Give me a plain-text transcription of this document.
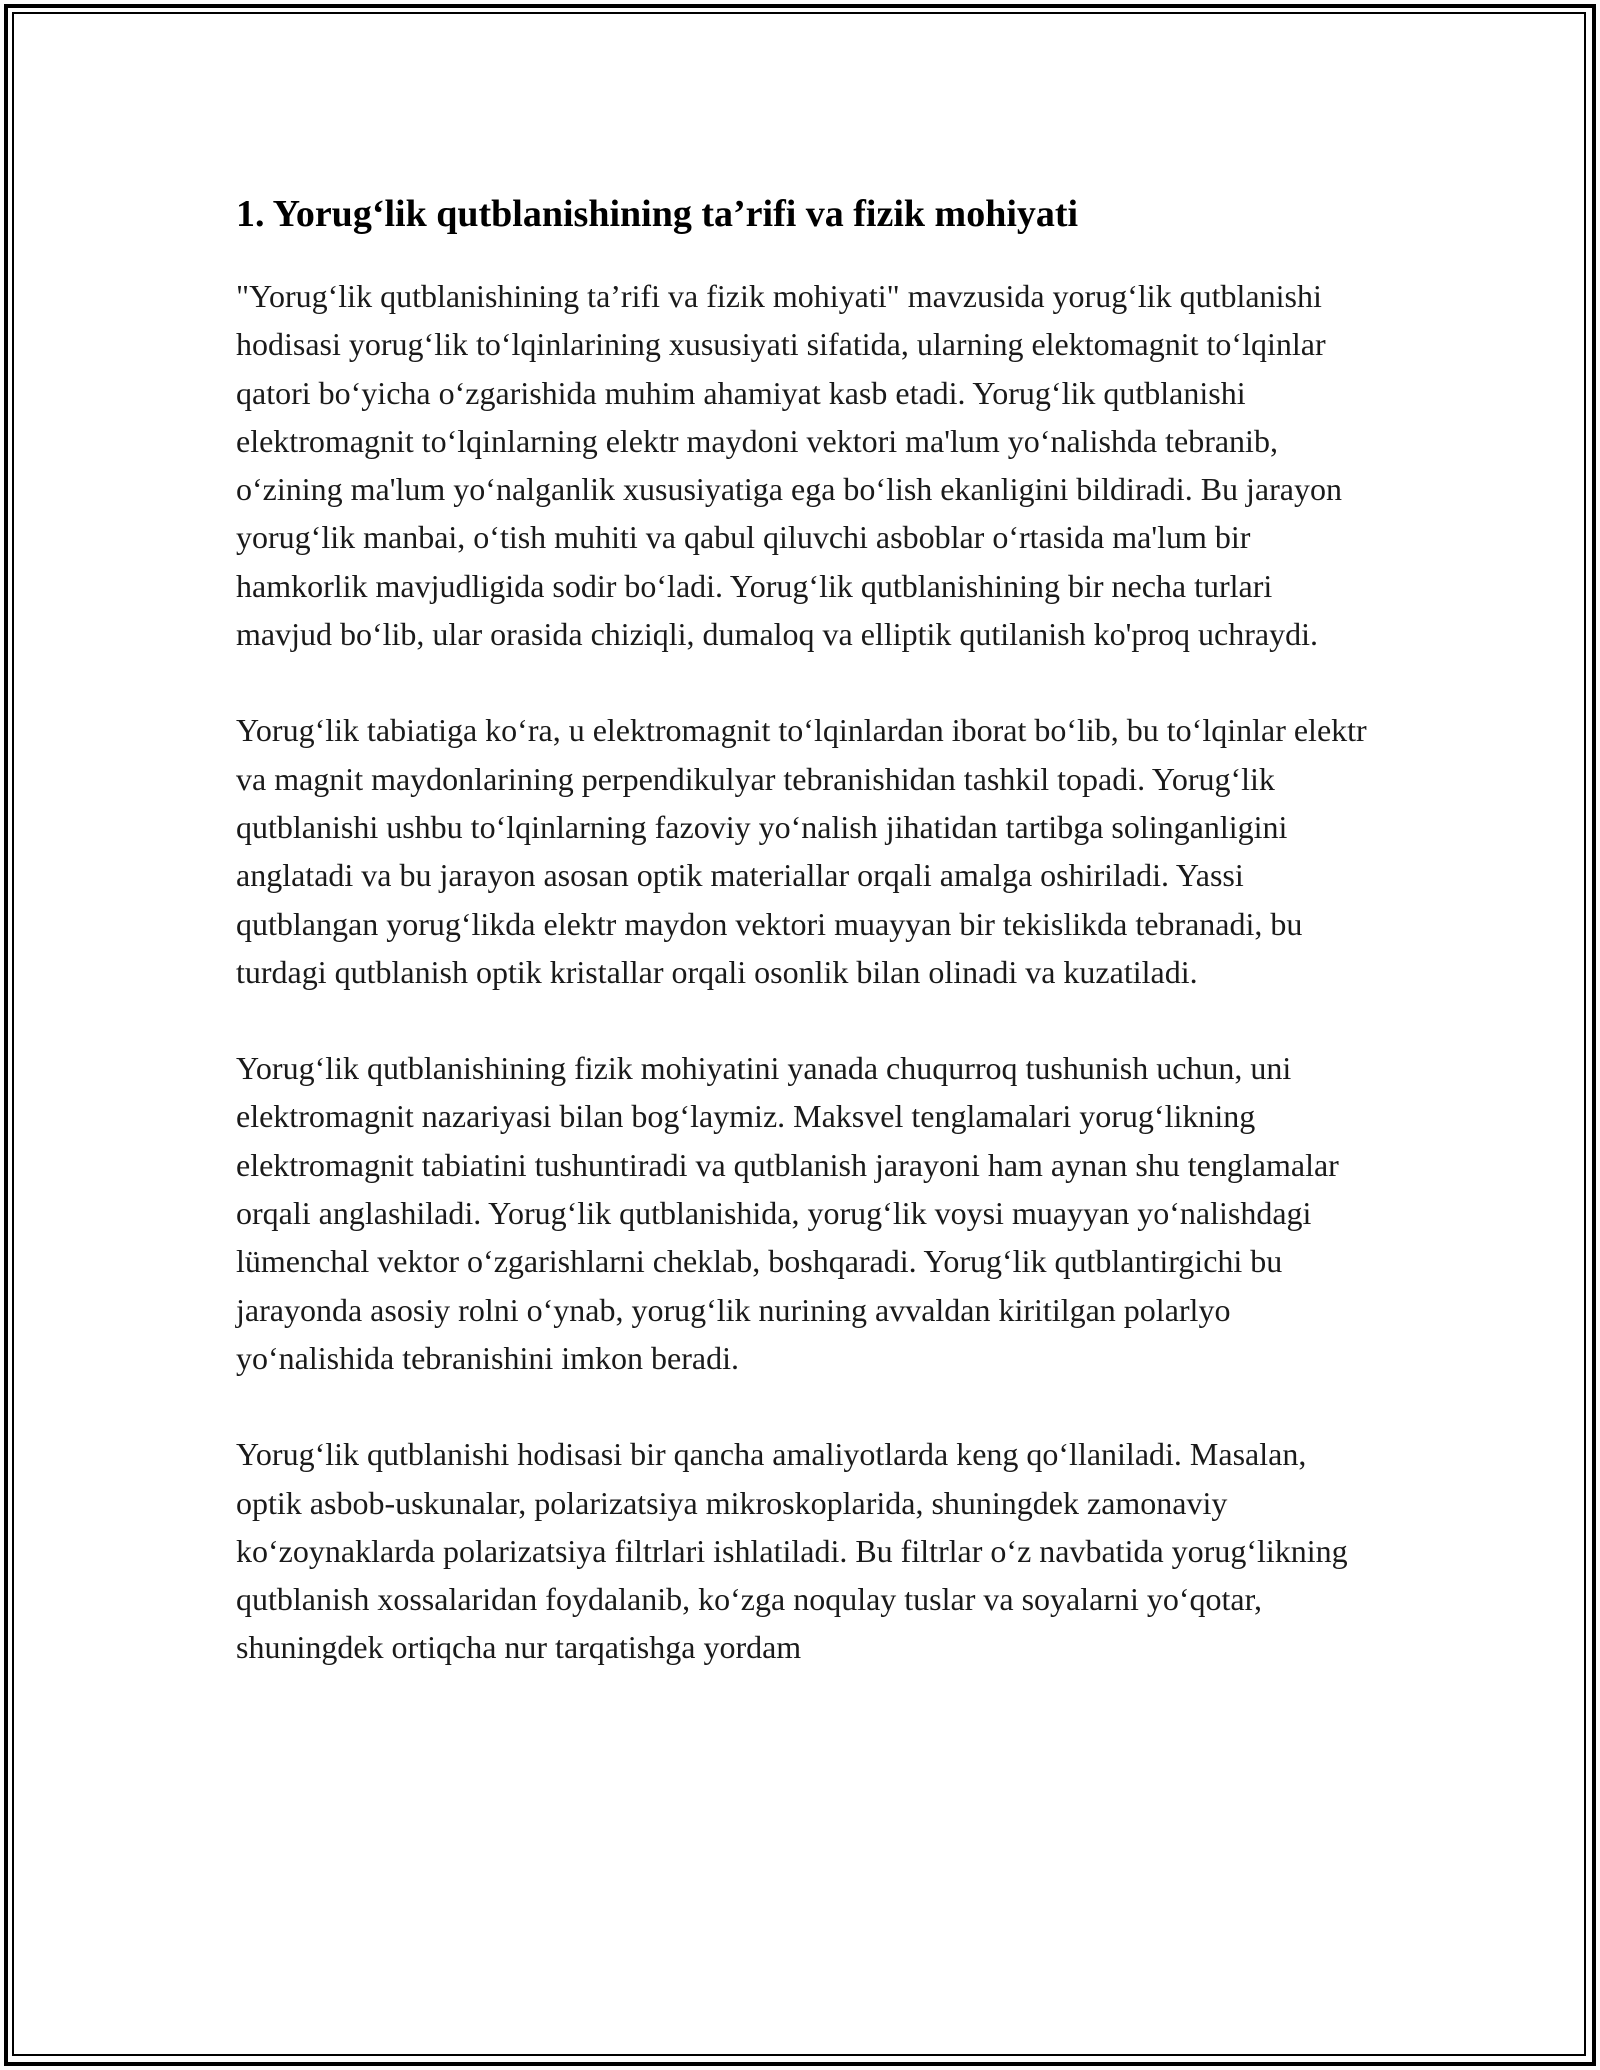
1. Yorug‘lik qutblanishining ta’rifi va fizik mohiyati

"Yorug‘lik qutblanishining ta’rifi va fizik mohiyati" mavzusida yorug‘lik qutblanishi hodisasi yorug‘lik to‘lqinlarining xususiyati sifatida, ularning elektomagnit to‘lqinlar qatori bo‘yicha o‘zgarishida muhim ahamiyat kasb etadi. Yorug‘lik qutblanishi elektromagnit to‘lqinlarning elektr maydoni vektori ma'lum yo‘nalishda tebranib, o‘zining ma'lum yo‘nalganlik xususiyatiga ega bo‘lish ekanligini bildiradi. Bu jarayon yorug‘lik manbai, o‘tish muhiti va qabul qiluvchi asboblar o‘rtasida ma'lum bir hamkorlik mavjudligida sodir bo‘ladi. Yorug‘lik qutblanishining bir necha turlari mavjud bo‘lib, ular orasida chiziqli, dumaloq va elliptik qutilanish ko'proq uchraydi.

Yorug‘lik tabiatiga ko‘ra, u elektromagnit to‘lqinlardan iborat bo‘lib, bu to‘lqinlar elektr va magnit maydonlarining perpendikulyar tebranishidan tashkil topadi. Yorug‘lik qutblanishi ushbu to‘lqinlarning fazoviy yo‘nalish jihatidan tartibga solinganligini anglatadi va bu jarayon asosan optik materiallar orqali amalga oshiriladi. Yassi qutblangan yorug‘likda elektr maydon vektori muayyan bir tekislikda tebranadi, bu turdagi qutblanish optik kristallar orqali osonlik bilan olinadi va kuzatiladi.

Yorug‘lik qutblanishining fizik mohiyatini yanada chuqurroq tushunish uchun, uni elektromagnit nazariyasi bilan bog‘laymiz. Maksvel tenglamalari yorug‘likning elektromagnit tabiatini tushuntiradi va qutblanish jarayoni ham aynan shu tenglamalar orqali anglashiladi. Yorug‘lik qutblanishida, yorug‘lik voysi muayyan yo‘nalishdagi lümenchal vektor o‘zgarishlarni cheklab, boshqaradi. Yorug‘lik qutblantirgichi bu jarayonda asosiy rolni o‘ynab, yorug‘lik nurining avvaldan kiritilgan polarlyo yo‘nalishida tebranishini imkon beradi.

Yorug‘lik qutblanishi hodisasi bir qancha amaliyotlarda keng qo‘llaniladi. Masalan, optik asbob-uskunalar, polarizatsiya mikroskoplarida, shuningdek zamonaviy ko‘zoynaklarda polarizatsiya filtrlari ishlatiladi. Bu filtrlar o‘z navbatida yorug‘likning qutblanish xossalaridan foydalanib, ko‘zga noqulay tuslar va soyalarni yo‘qotar, shuningdek ortiqcha nur tarqatishga yordam
